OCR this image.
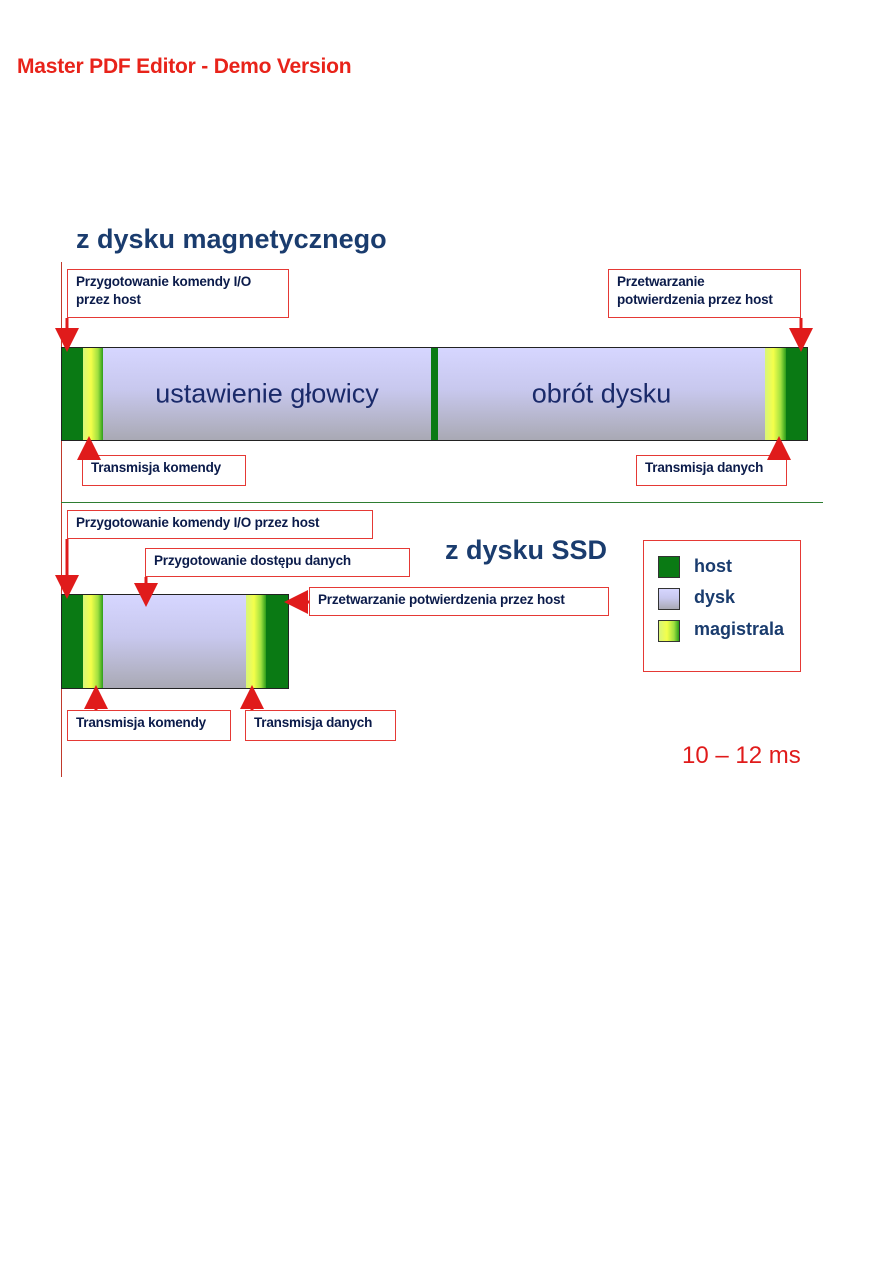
Master PDF Editor - Demo Version
z dysku magnetycznego
Przygotowanie komendy I/O przez host
Przetwarzanie potwierdzenia przez host
ustawienie głowicy	obrót dysku
Transmisja komendy	Transmisja danych
Przygotowanie komendy I/O przez host
z dysku SSD
Przygotowanie dostępu danych
Przetwarzanie potwierdzenia przez host
Transmisja komendy	Transmisja danych
host
dysk
magistrala
10 – 12 ms
